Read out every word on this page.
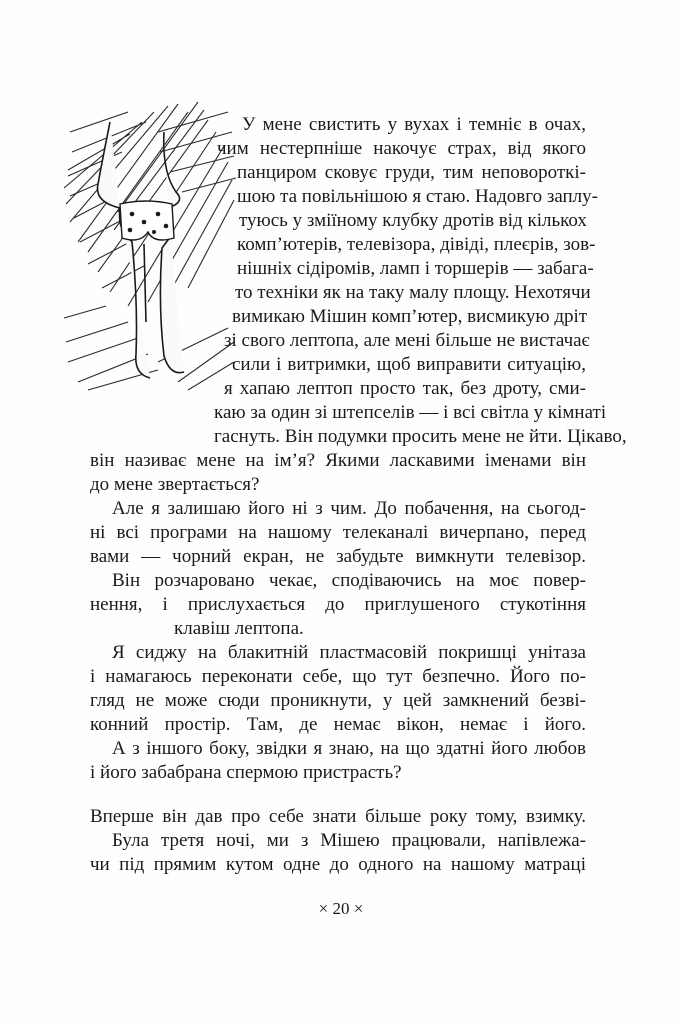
У мене свистить у вухах і темніє в очах,
чим нестерпніше накочує страх, від якого
панциром сковує груди, тим неповороткі-
шою та повільнішою я стаю. Надовго заплу-
туюсь у зміїному клубку дротів від кількох
комп’ютерів, телевізора, дівіді, плеєрів, зов-
нішніх сідіромів, ламп і торшерів — забага-
то техніки як на таку малу площу. Нехотячи
вимикаю Мішин комп’ютер, висмикую дріт
зі свого лептопа, але мені більше не вистачає
сили і витримки, щоб виправити ситуацію,
я хапаю лептоп просто так, без дроту, сми-
каю за один зі штепселів — і всі світла у кімнаті
гаснуть. Він подумки просить мене не йти. Цікаво,
він називає мене на ім’я? Якими ласкавими іменами він
до мене звертається?
Але я залишаю його ні з чим. До побачення, на сьогод-
ні всі програми на нашому телеканалі вичерпано, перед
вами — чорний екран, не забудьте вимкнути телевізор.
Він розчаровано чекає, сподіваючись на моє повер-
нення, і прислухається до приглушеного стукотіння
клавіш лептопа.
Я сиджу на блакитній пластмасовій покришці унітаза
і намагаюсь переконати себе, що тут безпечно. Його по-
гляд не може сюди проникнути, у цей замкнений безві-
конний простір. Там, де немає вікон, немає і його.
А з іншого боку, звідки я знаю, на що здатні його любов
і його забабрана спермою пристрасть?
Вперше він дав про себе знати більше року тому, взимку.
Була третя ночі, ми з Мішею працювали, напівлежа-
чи під прямим кутом одне до одного на нашому матраці
× 20 ×
